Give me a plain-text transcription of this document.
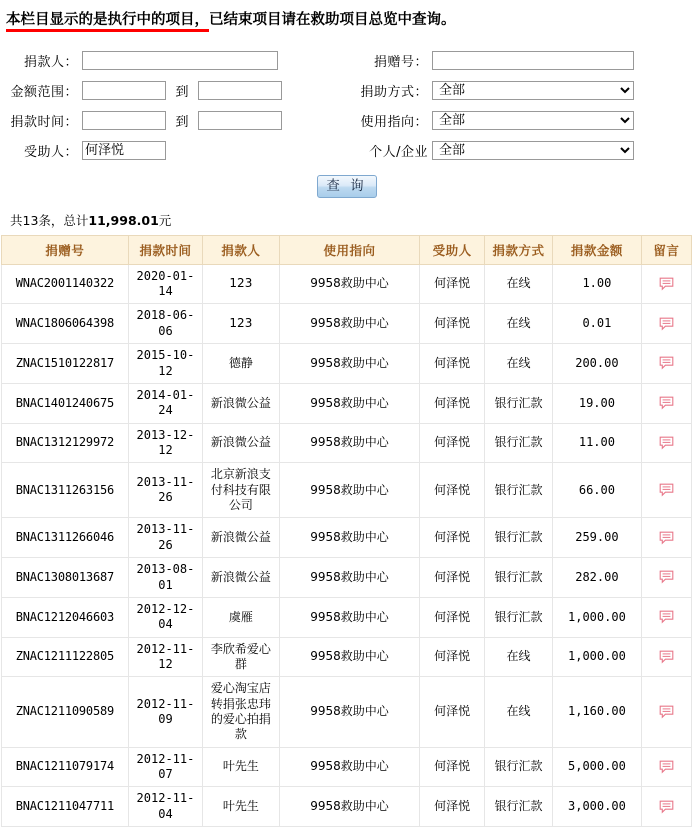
本栏目显示的是执行中的项目，已结束项目请在救助项目总览中查询。
捐款人：
金额范围：	到
捐款时间：	到
受助人：
何泽悦
捐赠号：
捐助方式：
全部
使用指向：
全部
个人/企业
全部
查 询
共13条，总计11,998.01元
捐赠号	捐款时间	捐款人	使用指向	受助人	捐款方式	捐款金额	留言
WNAC2001140322	2020-01-14	123	9958救助中心	何泽悦	在线	1.00	
WNAC1806064398	2018-06-06	123	9958救助中心	何泽悦	在线	0.01	
ZNAC1510122817	2015-10-12	德静	9958救助中心	何泽悦	在线	200.00	
BNAC1401240675	2014-01-24	新浪微公益	9958救助中心	何泽悦	银行汇款	19.00	
BNAC1312129972	2013-12-12	新浪微公益	9958救助中心	何泽悦	银行汇款	11.00	
BNAC1311263156	2013-11-26	北京新浪支付科技有限公司	9958救助中心	何泽悦	银行汇款	66.00	
BNAC1311266046	2013-11-26	新浪微公益	9958救助中心	何泽悦	银行汇款	259.00	
BNAC1308013687	2013-08-01	新浪微公益	9958救助中心	何泽悦	银行汇款	282.00	
BNAC1212046603	2012-12-04	虞雁	9958救助中心	何泽悦	银行汇款	1,000.00	
ZNAC1211122805	2012-11-12	李欣希爱心群	9958救助中心	何泽悦	在线	1,000.00	
ZNAC1211090589	2012-11-09	爱心淘宝店转捐张忠玮的爱心拍捐款	9958救助中心	何泽悦	在线	1,160.00	
BNAC1211079174	2012-11-07	叶先生	9958救助中心	何泽悦	银行汇款	5,000.00	
BNAC1211047711	2012-11-04	叶先生	9958救助中心	何泽悦	银行汇款	3,000.00	
